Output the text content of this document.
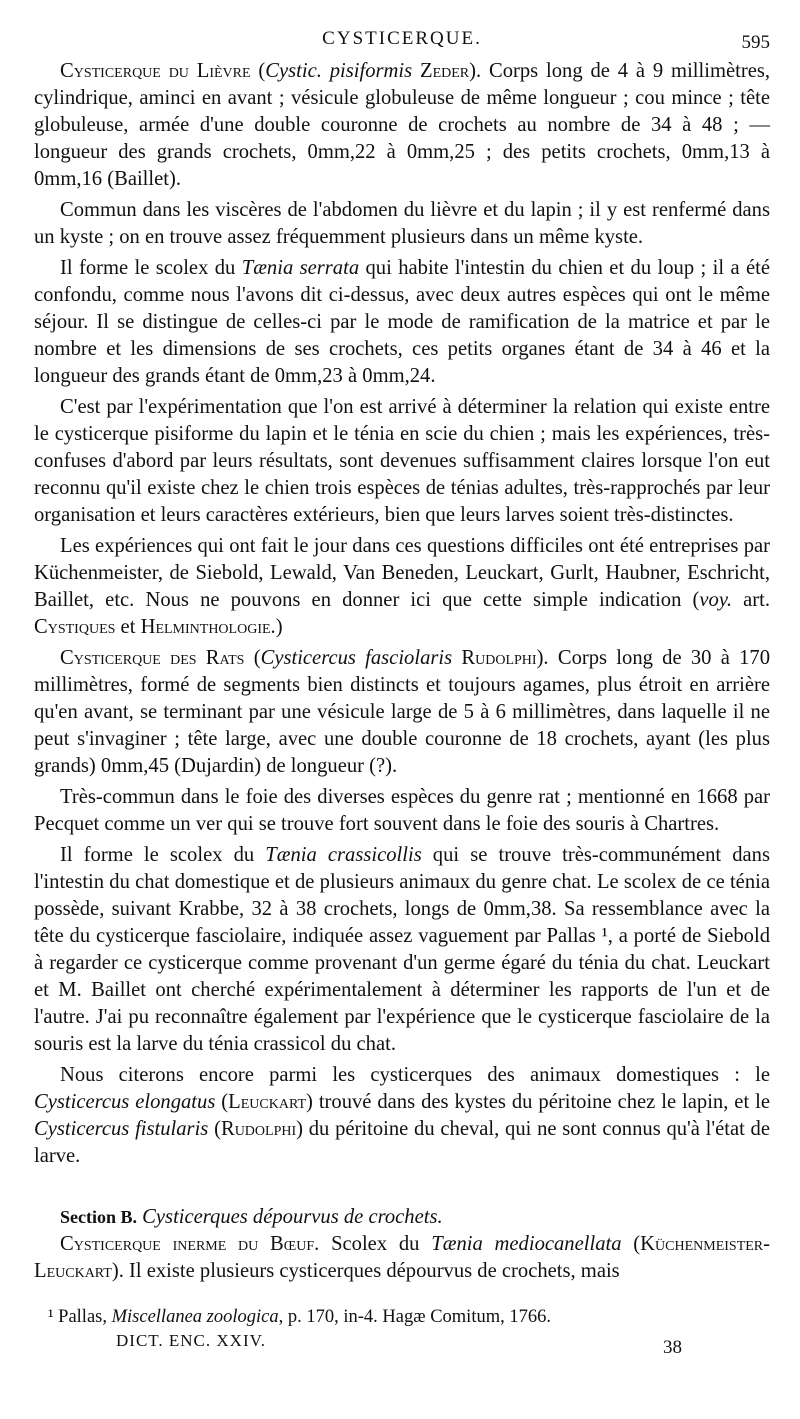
CYSTICERQUE.	595

Cysticerque du Lièvre (Cystic. pisiformis Zeder). Corps long de 4 à 9 millimètres, cylindrique, aminci en avant ; vésicule globuleuse de même longueur ; cou mince ; tête globuleuse, armée d'une double couronne de crochets au nombre de 34 à 48 ; — longueur des grands crochets, 0mm,22 à 0mm,25 ; des petits crochets, 0mm,13 à 0mm,16 (Baillet).

Commun dans les viscères de l'abdomen du lièvre et du lapin ; il y est renfermé dans un kyste ; on en trouve assez fréquemment plusieurs dans un même kyste.

Il forme le scolex du Tænia serrata qui habite l'intestin du chien et du loup ; il a été confondu, comme nous l'avons dit ci-dessus, avec deux autres espèces qui ont le même séjour. Il se distingue de celles-ci par le mode de ramification de la matrice et par le nombre et les dimensions de ses crochets, ces petits organes étant de 34 à 46 et la longueur des grands étant de 0mm,23 à 0mm,24.

C'est par l'expérimentation que l'on est arrivé à déterminer la relation qui existe entre le cysticerque pisiforme du lapin et le ténia en scie du chien ; mais les expériences, très-confuses d'abord par leurs résultats, sont devenues suffisamment claires lorsque l'on eut reconnu qu'il existe chez le chien trois espèces de ténias adultes, très-rapprochés par leur organisation et leurs caractères extérieurs, bien que leurs larves soient très-distinctes.

Les expériences qui ont fait le jour dans ces questions difficiles ont été entreprises par Küchenmeister, de Siebold, Lewald, Van Beneden, Leuckart, Gurlt, Haubner, Eschricht, Baillet, etc. Nous ne pouvons en donner ici que cette simple indication (voy. art. Cystiques et Helminthologie.)

Cysticerque des Rats (Cysticercus fasciolaris Rudolphi). Corps long de 30 à 170 millimètres, formé de segments bien distincts et toujours agames, plus étroit en arrière qu'en avant, se terminant par une vésicule large de 5 à 6 millimètres, dans laquelle il ne peut s'invaginer ; tête large, avec une double couronne de 18 crochets, ayant (les plus grands) 0mm,45 (Dujardin) de longueur (?).

Très-commun dans le foie des diverses espèces du genre rat ; mentionné en 1668 par Pecquet comme un ver qui se trouve fort souvent dans le foie des souris à Chartres.

Il forme le scolex du Tænia crassicollis qui se trouve très-communément dans l'intestin du chat domestique et de plusieurs animaux du genre chat. Le scolex de ce ténia possède, suivant Krabbe, 32 à 38 crochets, longs de 0mm,38. Sa ressemblance avec la tête du cysticerque fasciolaire, indiquée assez vaguement par Pallas ¹, a porté de Siebold à regarder ce cysticerque comme provenant d'un germe égaré du ténia du chat. Leuckart et M. Baillet ont cherché expérimentalement à déterminer les rapports de l'un et de l'autre. J'ai pu reconnaître également par l'expérience que le cysticerque fasciolaire de la souris est la larve du ténia crassicol du chat.

Nous citerons encore parmi les cysticerques des animaux domestiques : le Cysticercus elongatus (Leuckart) trouvé dans des kystes du péritoine chez le lapin, et le Cysticercus fistularis (Rudolphi) du péritoine du cheval, qui ne sont connus qu'à l'état de larve.

Section B. Cysticerques dépourvus de crochets.

Cysticerque inerme du Bœuf. Scolex du Tænia mediocanellata (Küchenmeister-Leuckart). Il existe plusieurs cysticerques dépourvus de crochets, mais

¹ Pallas, Miscellanea zoologica, p. 170, in-4. Hagæ Comitum, 1766.

DICT. ENC. XXIV.	38
